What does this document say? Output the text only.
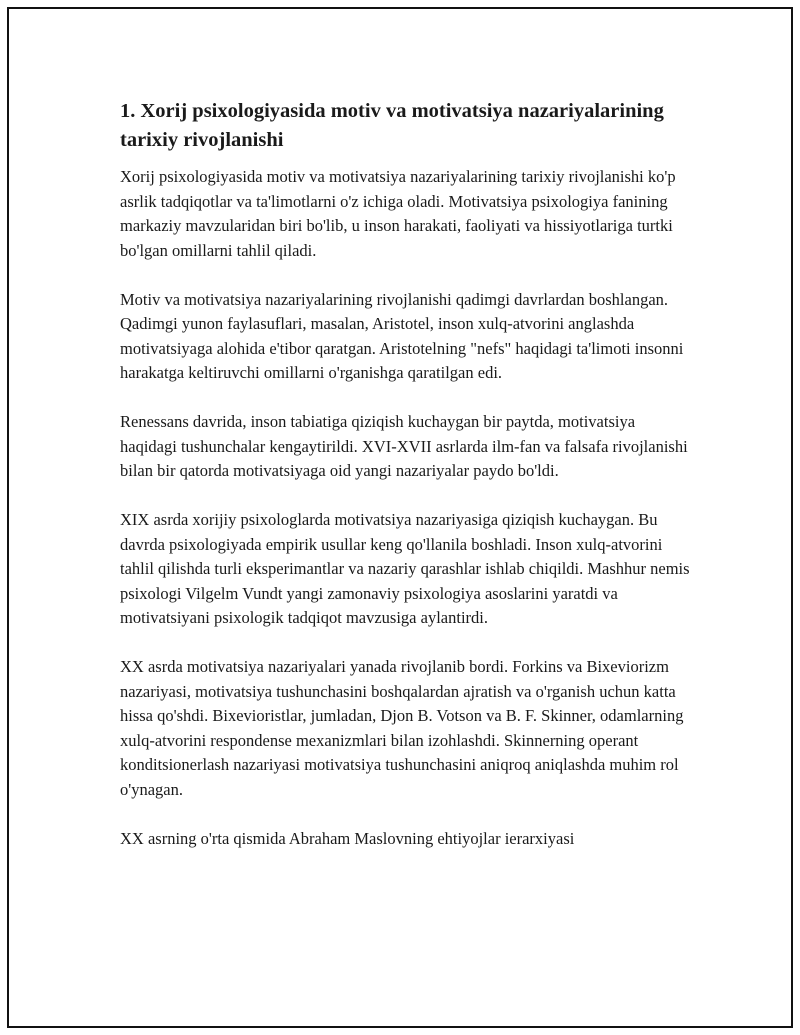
1. Xorij psixologiyasida motiv va motivatsiya nazariyalarining tarixiy rivojlanishi

Xorij psixologiyasida motiv va motivatsiya nazariyalarining tarixiy rivojlanishi ko'p asrlik tadqiqotlar va ta'limotlarni o'z ichiga oladi. Motivatsiya psixologiya fanining markaziy mavzularidan biri bo'lib, u inson harakati, faoliyati va hissiyotlariga turtki bo'lgan omillarni tahlil qiladi.

Motiv va motivatsiya nazariyalarining rivojlanishi qadimgi davrlardan boshlangan. Qadimgi yunon faylasuflari, masalan, Aristotel, inson xulq-atvorini anglashda motivatsiyaga alohida e'tibor qaratgan. Aristotelning "nefs" haqidagi ta'limoti insonni harakatga keltiruvchi omillarni o'rganishga qaratilgan edi.

Renessans davrida, inson tabiatiga qiziqish kuchaygan bir paytda, motivatsiya haqidagi tushunchalar kengaytirildi. XVI-XVII asrlarda ilm-fan va falsafa rivojlanishi bilan bir qatorda motivatsiyaga oid yangi nazariyalar paydo bo'ldi.

XIX asrda xorijiy psixologlarda motivatsiya nazariyasiga qiziqish kuchaygan. Bu davrda psixologiyada empirik usullar keng qo'llanila boshladi. Inson xulq-atvorini tahlil qilishda turli eksperimantlar va nazariy qarashlar ishlab chiqildi. Mashhur nemis psixologi Vilgelm Vundt yangi zamonaviy psixologiya asoslarini yaratdi va motivatsiyani psixologik tadqiqot mavzusiga aylantirdi.

XX asrda motivatsiya nazariyalari yanada rivojlanib bordi. Forkins va Bixeviorizm nazariyasi, motivatsiya tushunchasini boshqalardan ajratish va o'rganish uchun katta hissa qo'shdi. Bixevioristlar, jumladan, Djon B. Votson va B. F. Skinner, odamlarning xulq-atvorini respondense mexanizmlari bilan izohlashdi. Skinnerning operant konditsionerlash nazariyasi motivatsiya tushunchasini aniqroq aniqlashda muhim rol o'ynagan.

XX asrning o'rta qismida Abraham Maslovning ehtiyojlar ierarxiyasi
